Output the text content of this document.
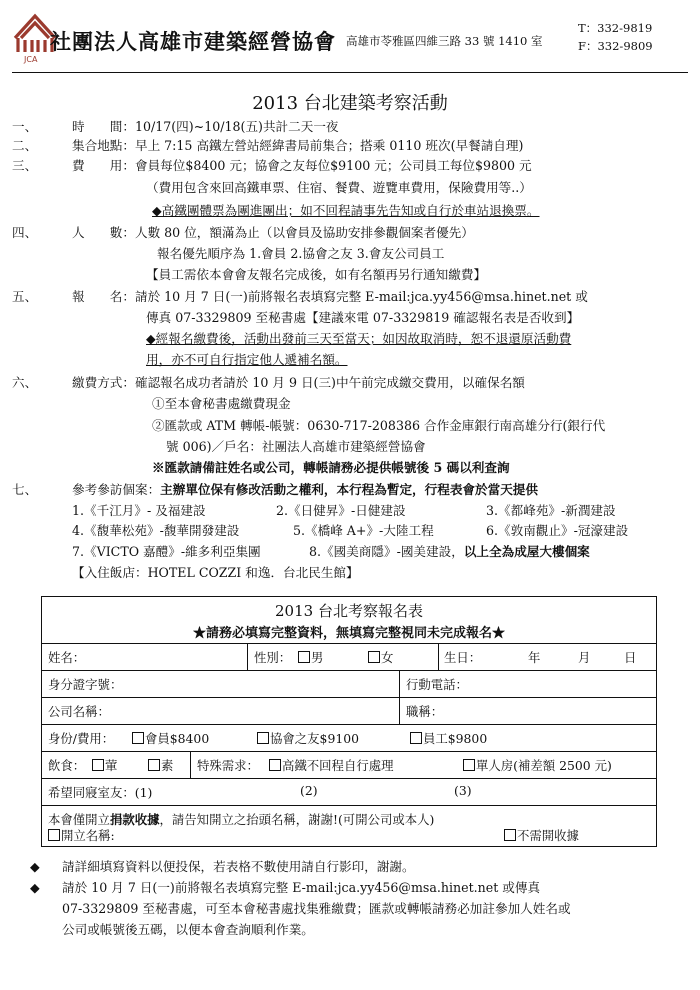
JCA
社團法人高雄市建築經營協會 高雄市苓雅區四維三路 33 號 1410 室
T：332-9819
F：332-9809
2013 台北建築考察活動
一、	時　　間：10/17(四)~10/18(五)共計二天一夜
二、	集合地點：早上 7:15 高鐵左營站經緯書局前集合；搭乘 0110 班次(早餐請自理)
三、	費　　用：會員每位$8400 元；協會之友每位$9100 元；公司員工每位$9800 元
（費用包含來回高鐵車票、住宿、餐費、遊覽車費用，保險費用等..）
◆高鐵團體票為團進團出；如不回程請事先告知或自行於車站退換票。
四、	人　　數：人數 80 位，額滿為止（以會員及協助安排參觀個案者優先）
報名優先順序為 1.會員 2.協會之友 3.會友公司員工
【員工需依本會會友報名完成後，如有名額再另行通知繳費】
五、	報　　名：請於 10 月 7 日(一)前將報名表填寫完整 E-mail:jca.yy456@msa.hinet.net 或
傳真 07-3329809 至秘書處【建議來電 07-3329819 確認報名表是否收到】
◆經報名繳費後，活動出發前三天至當天；如因故取消時，恕不退還原活動費
用，亦不可自行指定他人遞補名額。
六、	繳費方式：確認報名成功者請於 10 月 9 日(三)中午前完成繳交費用，以確保名額
①至本會秘書處繳費現金
②匯款或 ATM 轉帳-帳號：0630-717-208386 合作金庫銀行南高雄分行(銀行代
號 006)／戶名：社團法人高雄市建築經營協會
※匯款請備註姓名或公司，轉帳請務必提供帳號後 5 碼以利查詢
七、	參考參訪個案：主辦單位保有修改活動之權利，本行程為暫定，行程表會於當天提供
1.《千江月》- 及福建設	2.《日健昇》-日健建設	3.《都峰苑》-新潤建設
4.《馥華松苑》-馥華開發建設	5.《橋峰 A+》-大陸工程	6.《敦南觀止》-冠濠建設
7.《VICTO 嘉醴》-維多利亞集團	8.《國美商隱》-國美建設，以上全為成屋大樓個案
【入住飯店：HOTEL COZZI 和逸．台北民生館】
2013 台北考察報名表
★請務必填寫完整資料，無填寫完整視同未完成報名★
姓名：	性別：	男	女	生日：	年	月	日
身分證字號：	行動電話：
公司名稱：	職稱：
身份/費用：	會員$8400	協會之友$9100	員工$9800
飲食：	葷	素 特殊需求：	高鐵不回程自行處理	單人房(補差額 2500 元)
希望同寢室友：(1)	(2)	(3)
本會僅開立捐款收據，請告知開立之抬頭名稱，謝謝!(可開公司或本人)
開立名稱:	不需開收據
◆ 請詳細填寫資料以便投保，若表格不數使用請自行影印，謝謝。
◆ 請於 10 月 7 日(一)前將報名表填寫完整 E-mail:jca.yy456@msa.hinet.net 或傳真
07-3329809 至秘書處，可至本會秘書處找集雅繳費；匯款或轉帳請務必加註參加人姓名或
公司或帳號後五碼，以便本會查詢順利作業。
